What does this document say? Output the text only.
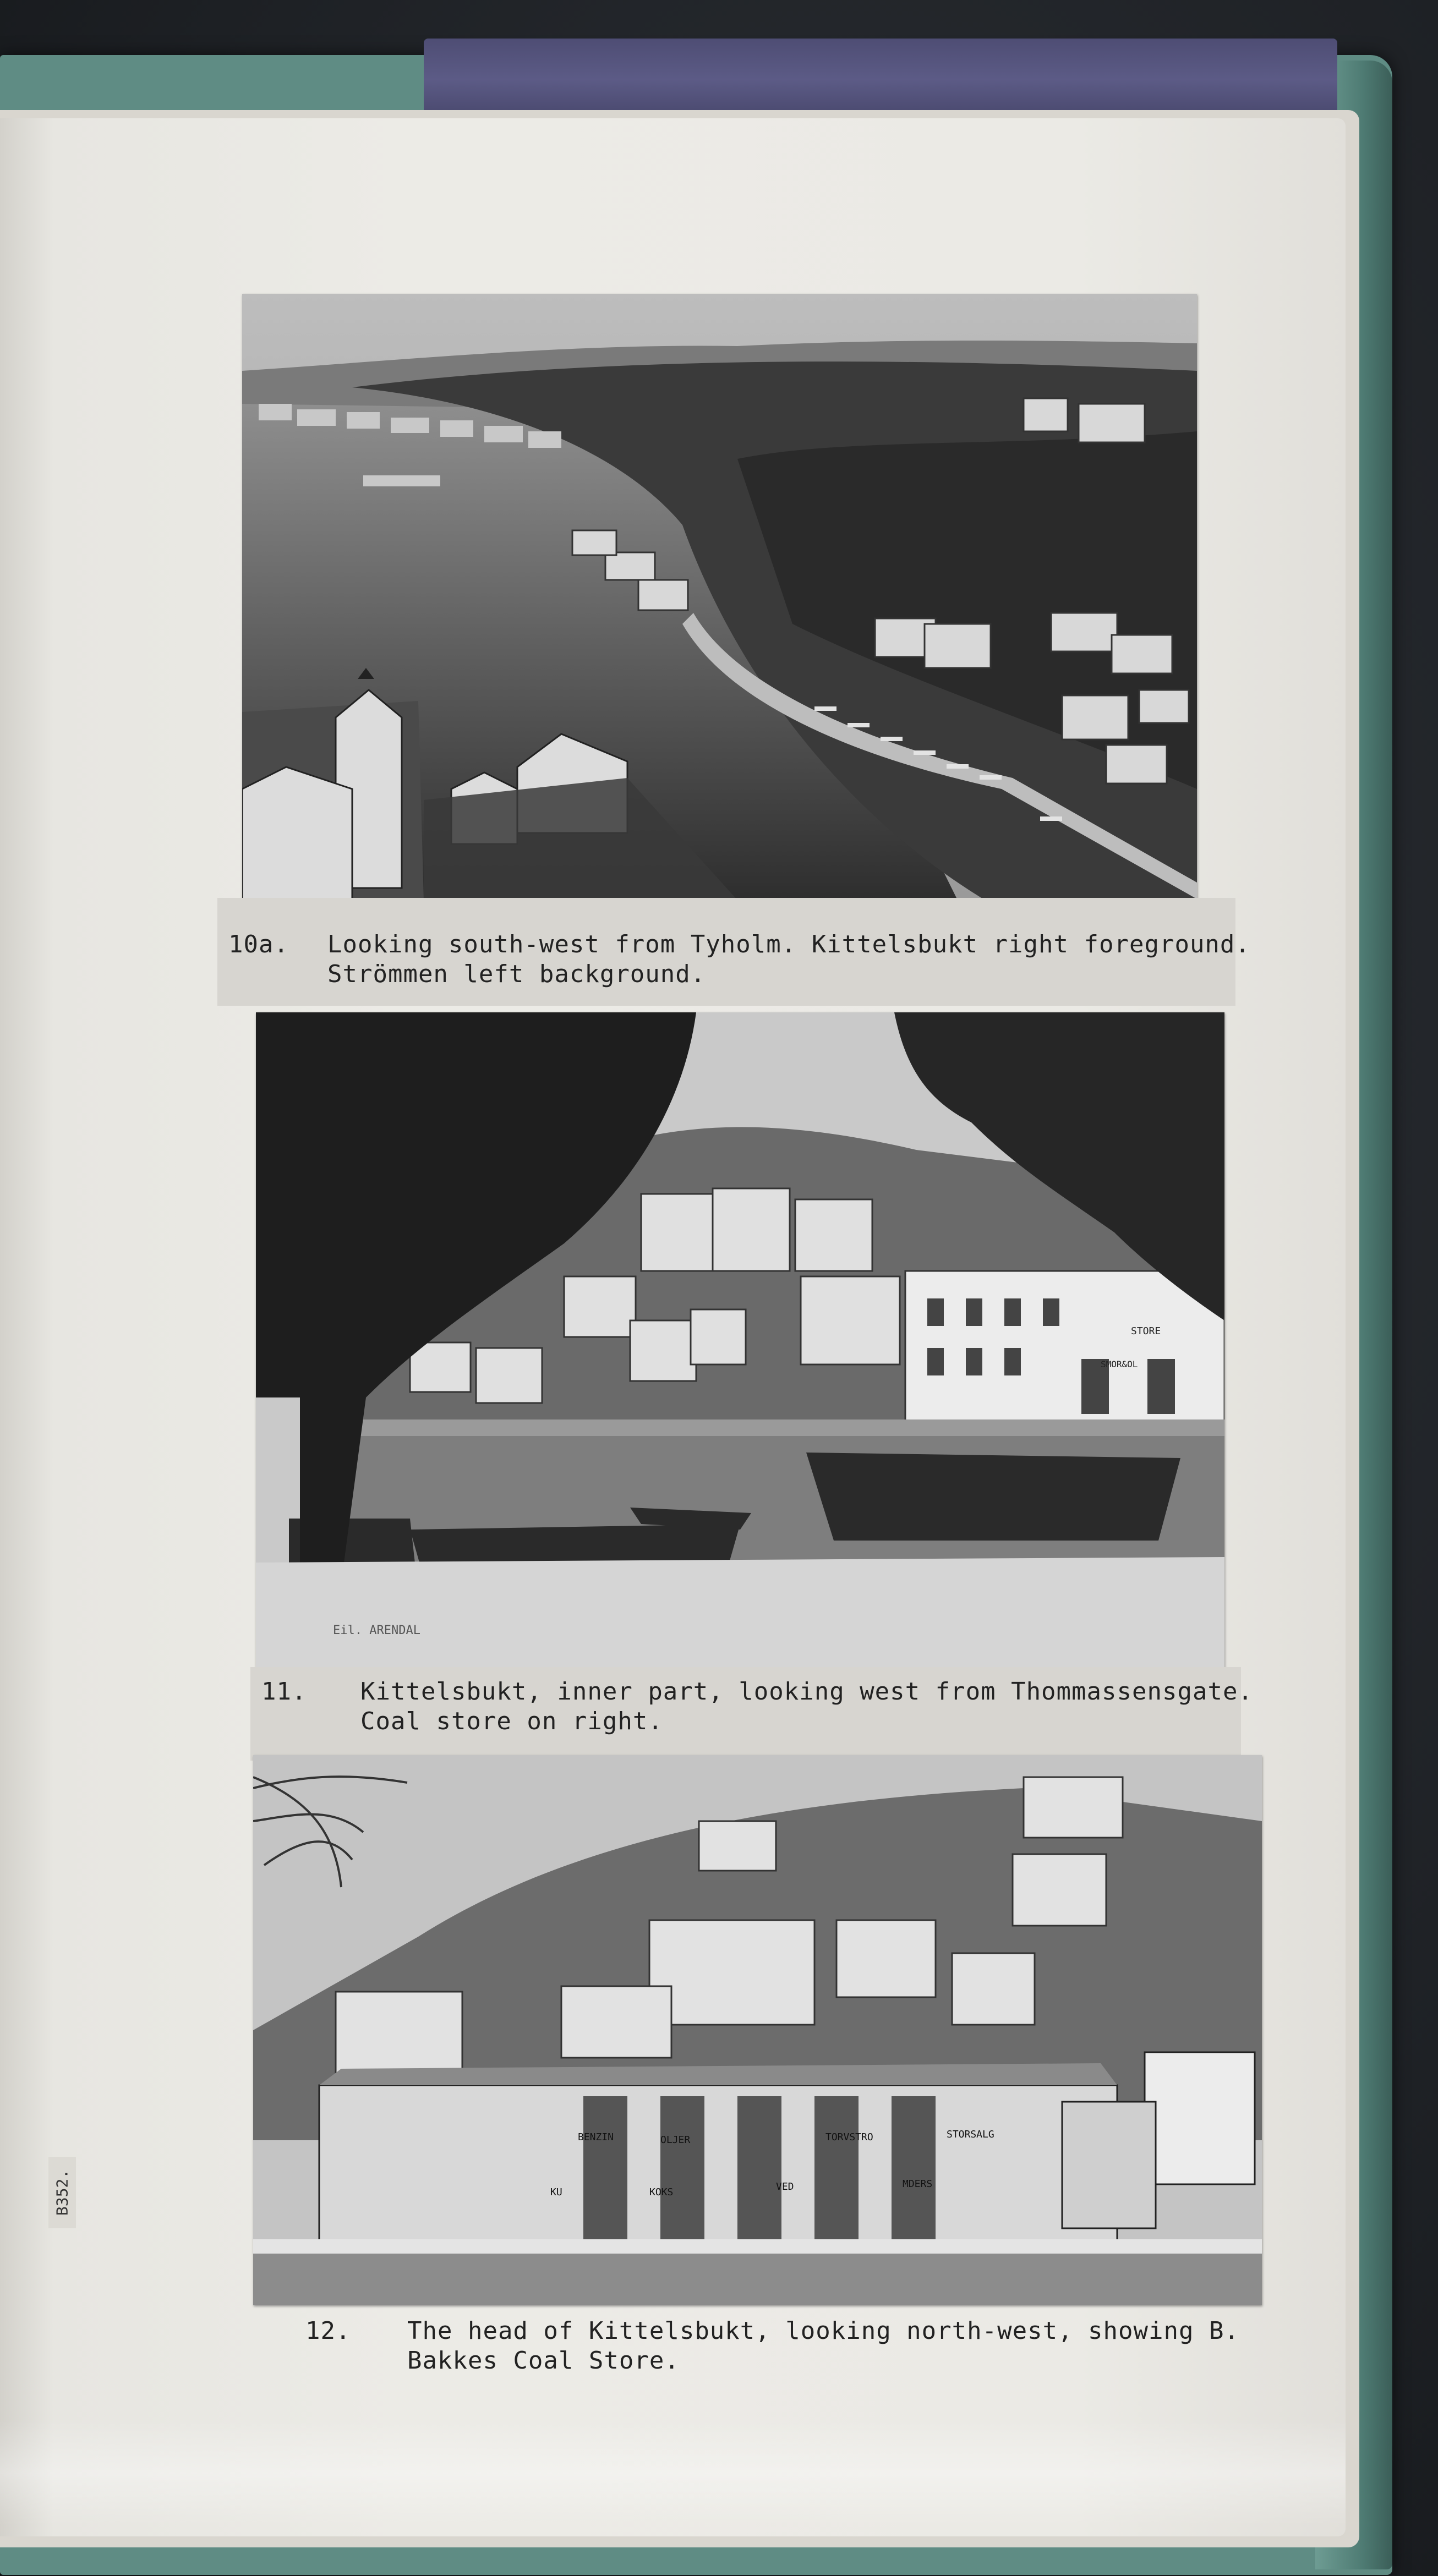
10a. Looking south-west from Tyholm. Kittelsbukt right foreground.
Strömmen left background.
STORE
SMOR&OL
Eil. ARENDAL
11. Kittelsbukt, inner part, looking west from Thommassensgate.
Coal store on right.
BENZIN	OLJER	TORVSTRO	STORSALG
KU	KOKS	VED	MDERS
12. The head of Kittelsbukt, looking north-west, showing B.
Bakkes Coal Store.
B352.
